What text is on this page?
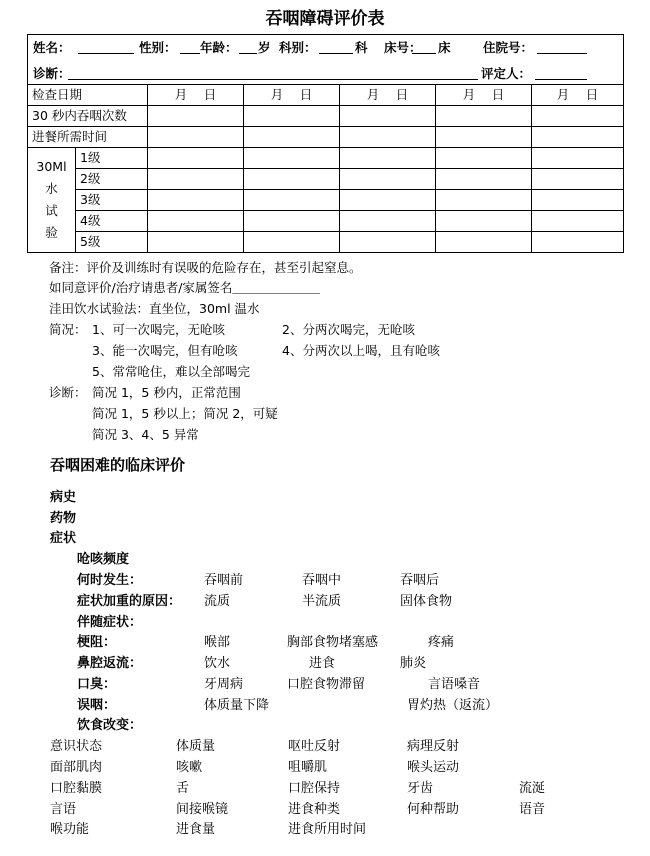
吞咽障碍评价表
姓名：	性别： 年龄： 岁 科别：	科 床号： 床	住院号：
诊断：	评定人：
检查日期		月　 日	月　 日	月　 日	月　 日	月　 日
30 秒内吞咽次数						
进餐所需时间						
30Ml
水
试
验	1级					
	2级					
	3级					
	4级					
	5级					
备注：评价及训练时有误吸的危险存在，甚至引起窒息。
如同意评价/治疗请患者/家属签名＿＿＿＿＿＿＿
洼田饮水试验法：直坐位，30ml 温水
简况： 1、可一次喝完，无呛咳	2、分两次喝完，无呛咳
3、能一次喝完，但有呛咳	4、分两次以上喝，且有呛咳
5、常常呛住，难以全部喝完
诊断： 简况 1，5 秒内，正常范围
简况 1，5 秒以上；简况 2，可疑
简况 3、4、5 异常
吞咽困难的临床评价
病史
药物
症状
呛咳频度
何时发生：	吞咽前	吞咽中	吞咽后
症状加重的原因： 流质	半流质	固体食物
伴随症状：
梗阻：	喉部	胸部食物堵塞感	疼痛
鼻腔返流：	饮水	进食	肺炎
口臭：	牙周病	口腔食物滞留	言语嗓音
误咽：	体质量下降	胃灼热（返流）
饮食改变：
意识状态	体质量	呕吐反射	病理反射
面部肌肉	咳嗽	咀嚼肌	喉头运动
口腔黏膜	舌	口腔保持	牙齿	流涎
言语	间接喉镜	进食种类	何种帮助	语音
喉功能	进食量	进食所用时间
